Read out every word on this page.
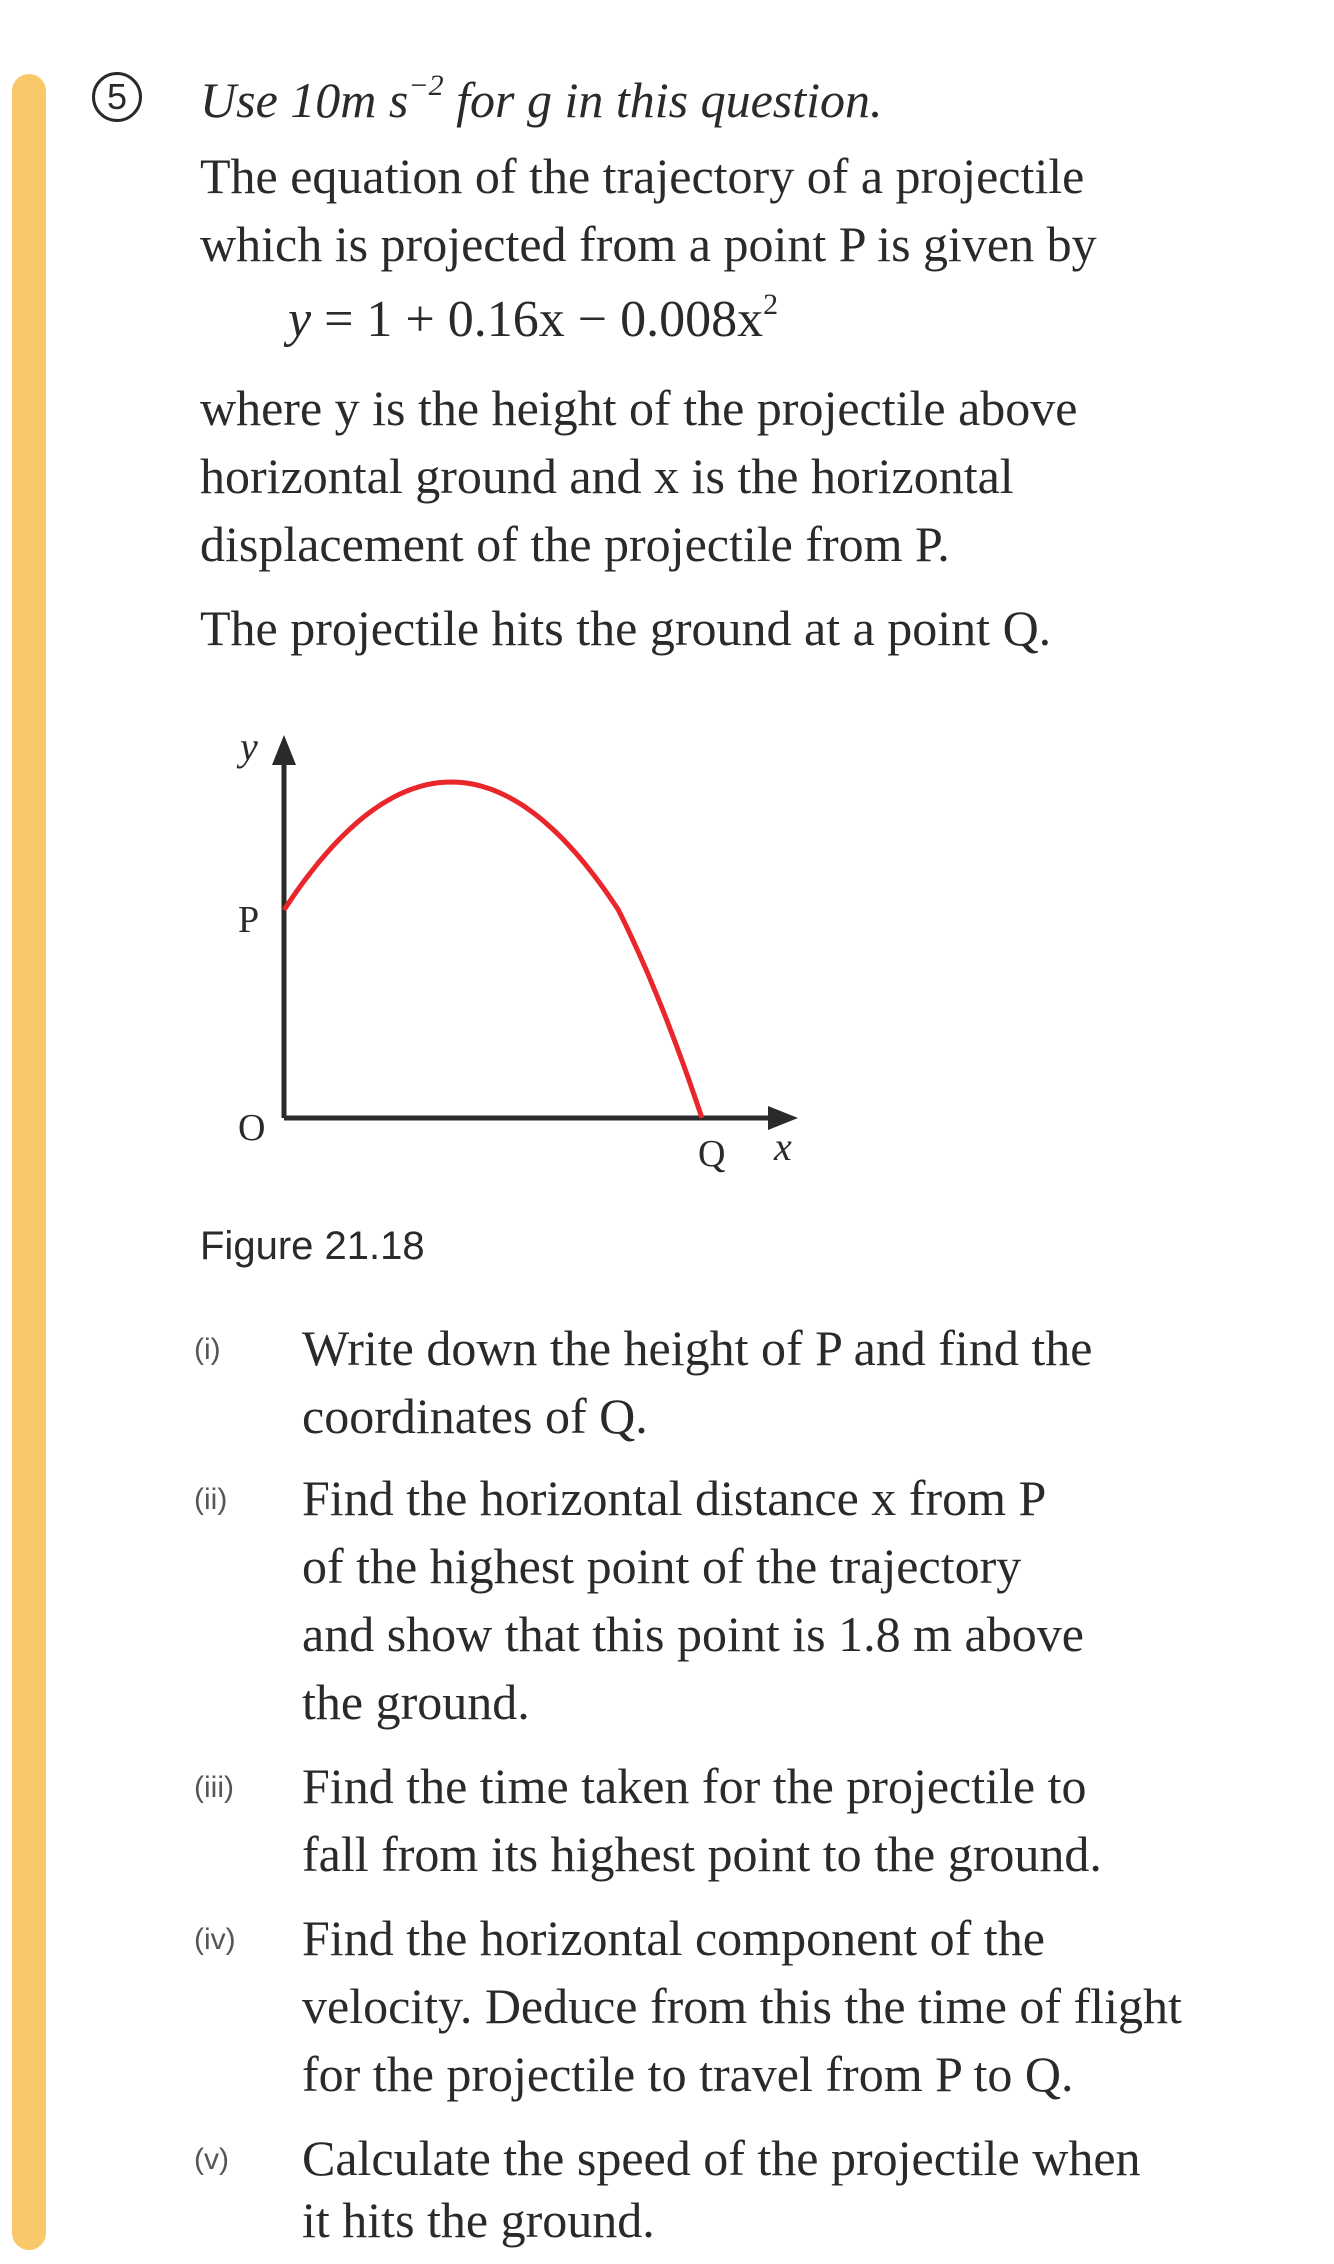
5 Use 10m $s^{-2}$ for g in this question.
The equation of the trajectory of a projectile
which is projected from a point P is given by
$y = 1 + 0.16x - 0.008x^2$
where y is the height of the projectile above
horizontal ground and x is the horizontal
displacement of the projectile from P.
The projectile hits the ground at a point Q.
y
x
O
P
Q
Figure 21.18
(i) Write down the height of P and find the
coordinates of Q.
(ii) Find the horizontal distance x from P
of the highest point of the trajectory
and show that this point is 1.8 m above
the ground.
(iii) Find the time taken for the projectile to
fall from its highest point to the ground.
(iv) Find the horizontal component of the
velocity. Deduce from this the time of flight
for the projectile to travel from P to Q.
(v) Calculate the speed of the projectile when
it hits the ground.
